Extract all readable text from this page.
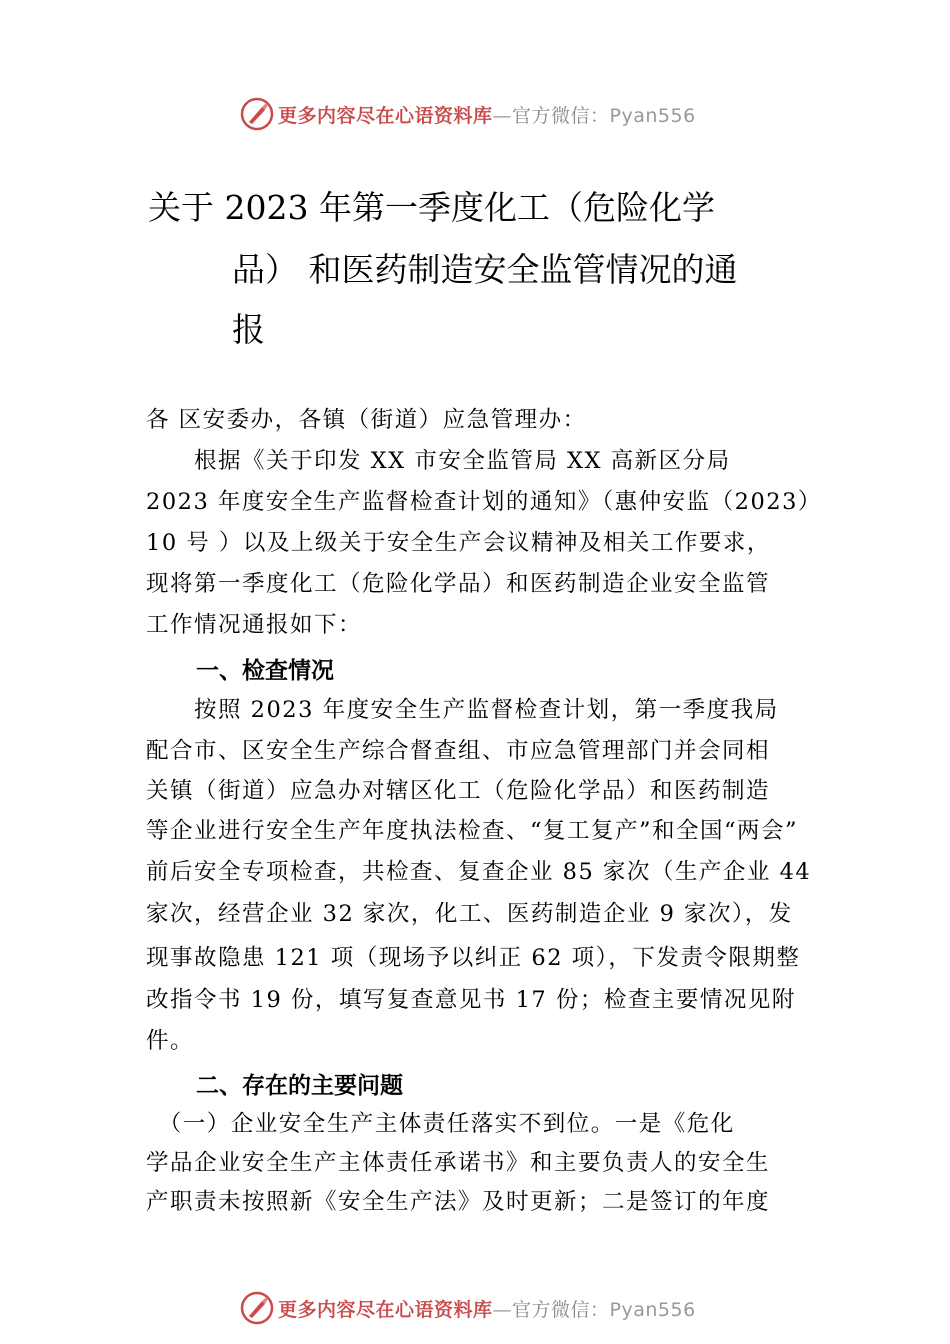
更多内容尽在心语资料库—官方微信：Pyan556
关于 2023 年第一季度化工（危险化学
品） 和医药制造安全监管情况的通
报
各 区安委办，各镇（街道）应急管理办：
　　根据《关于印发 XX 市安全监管局 XX 高新区分局
2023 年度安全生产监督检查计划的通知》（惠仲安监（2023）
10 号 ）以及上级关于安全生产会议精神及相关工作要求，
现将第一季度化工（危险化学品）和医药制造企业安全监管
工作情况通报如下：
一、检查情况
　　按照 2023 年度安全生产监督检查计划，第一季度我局
配合市、区安全生产综合督查组、市应急管理部门并会同相
关镇（街道）应急办对辖区化工（危险化学品）和医药制造
等企业进行安全生产年度执法检查、“复工复产”和全国“两会”
前后安全专项检查，共检查、复查企业 85 家次（生产企业 44
家次，经营企业 32 家次，化工、医药制造企业 9 家次），发
现事故隐患 121 项（现场予以纠正 62 项），下发责令限期整
改指令书 19 份，填写复查意见书 17 份；检查主要情况见附
件。
二、存在的主要问题
　（一）企业安全生产主体责任落实不到位。一是《危化
学品企业安全生产主体责任承诺书》和主要负责人的安全生
产职责未按照新《安全生产法》及时更新；二是签订的年度
更多内容尽在心语资料库—官方微信：Pyan556
